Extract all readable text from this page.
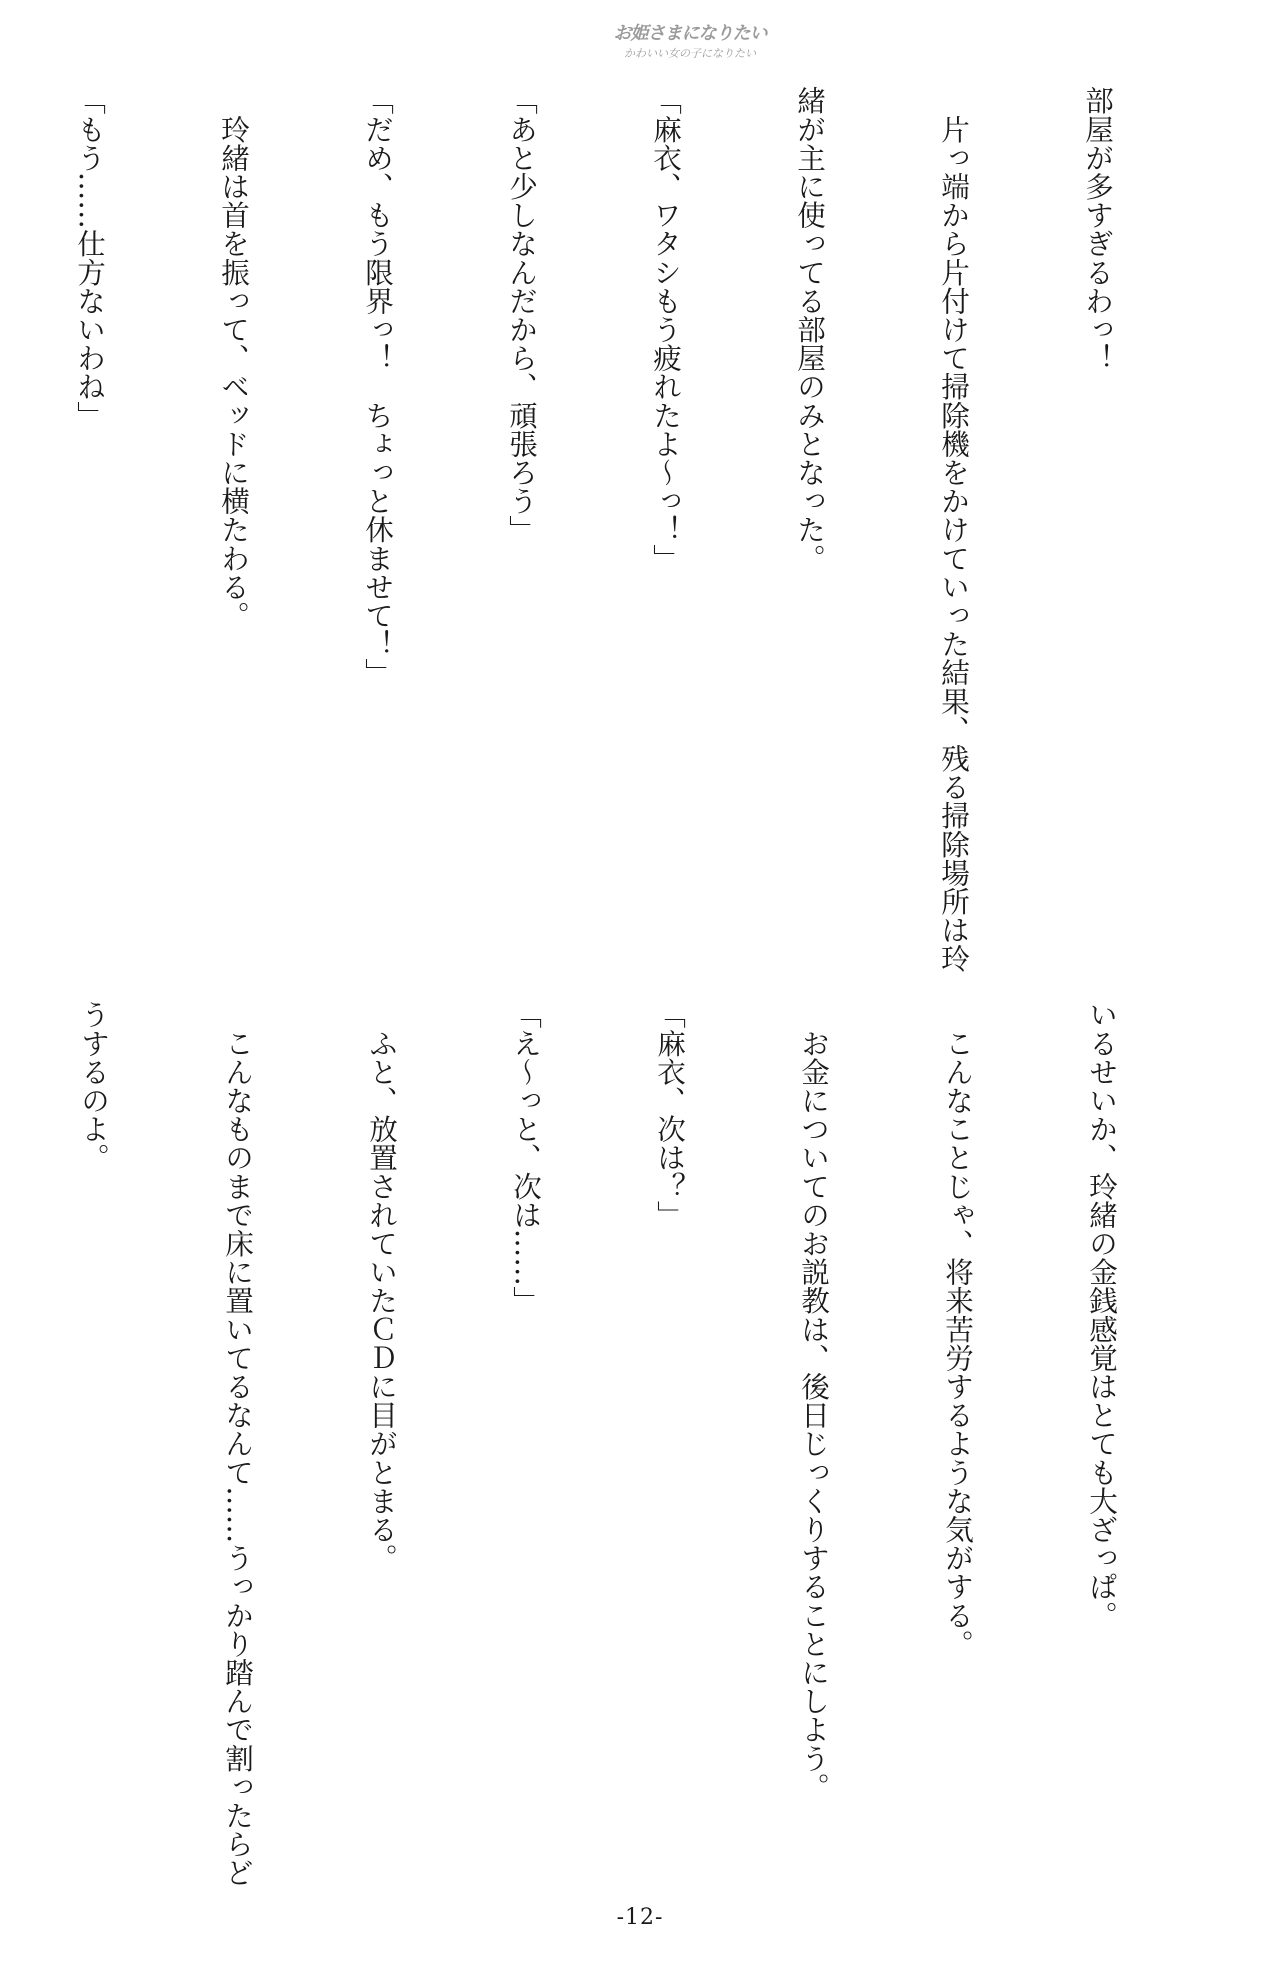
お姫さまになりたい
かわいい女の子になりたい

部屋が多すぎるわっ！

　片っ端から片付けて掃除機をかけていった結果、残る掃除場所は玲

緒が主に使ってる部屋のみとなった。

「麻衣、ワタシもう疲れたよ～っ！」

「あと少しなんだから、頑張ろう」

「だめ、もう限界っ！　ちょっと休ませて！」

　玲緒は首を振って、ベッドに横たわる。

「もう……仕方ないわね」

いるせいか、玲緒の金銭感覚はとても大ざっぱ。

　こんなことじゃ、将来苦労するような気がする。

　お金についてのお説教は、後日じっくりすることにしよう。

「麻衣、次は？」

「え～っと、次は……」

　ふと、放置されていたＣＤに目がとまる。

　こんなものまで床に置いてるなんて……うっかり踏んで割ったらど

うするのよ。

-12-
